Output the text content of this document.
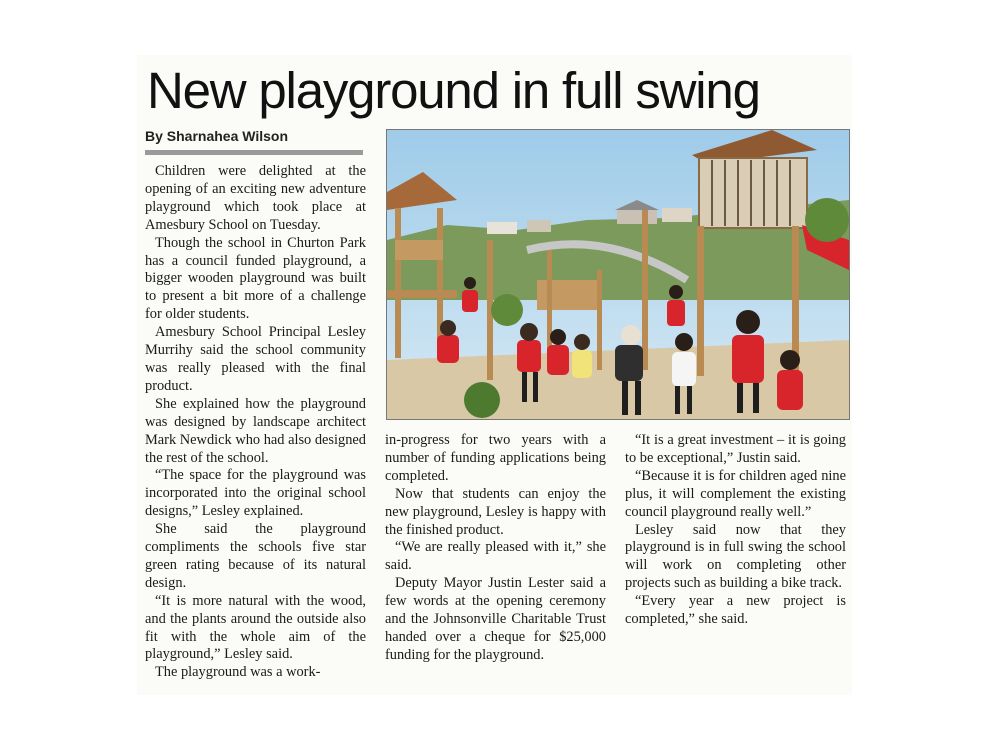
New playground in full swing
By Sharnahea Wilson

Children were delighted at the opening of an exciting new adventure playground which took place at Amesbury School on Tuesday.

Though the school in Churton Park has a council funded playground, a bigger wooden playground was built to present a bit more of a challenge for older students.

Amesbury School Principal Lesley Murrihy said the school community was really pleased with the final product.

She explained how the playground was designed by landscape architect Mark Newdick who had also designed the rest of the school.

“The space for the playground was incorporated into the original school designs,” Lesley explained.

She said the playground compliments the schools five star green rating because of its natural design.

“It is more natural with the wood, and the plants around the outside also fit with the whole aim of the playground,” Lesley said.

The playground was a work-

in-progress for two years with a number of funding applications being completed.

Now that students can enjoy the new playground, Lesley is happy with the finished product.

“We are really pleased with it,” she said.

Deputy Mayor Justin Lester said a few words at the opening ceremony and the Johnsonville Charitable Trust handed over a cheque for $25,000 funding for the playground.

“It is a great investment – it is going to be exceptional,” Justin said.

“Because it is for children aged nine plus, it will complement the existing council playground really well.”

Lesley said now that they playground is in full swing the school will work on completing other projects such as building a bike track.

“Every year a new project is completed,” she said.
